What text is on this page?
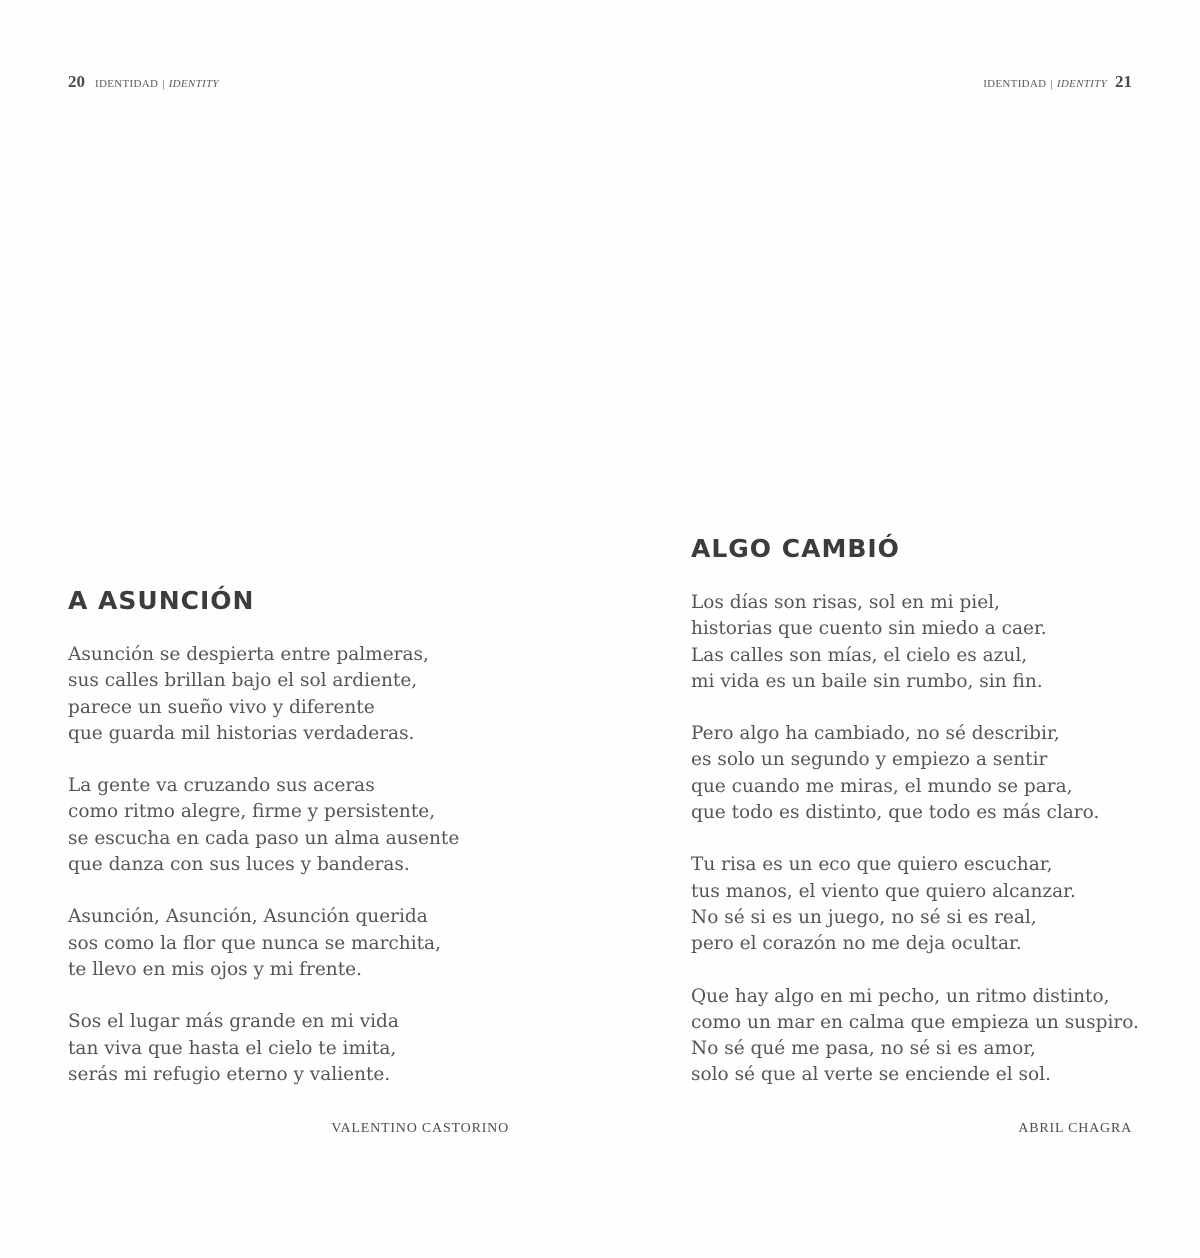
20 IDENTIDAD | IDENTITY
A ASUNCIÓN
Asunción se despierta entre palmeras,
sus calles brillan bajo el sol ardiente,
parece un sueño vivo y diferente
que guarda mil historias verdaderas.
La gente va cruzando sus aceras
como ritmo alegre, firme y persistente,
se escucha en cada paso un alma ausente
que danza con sus luces y banderas.
Asunción, Asunción, Asunción querida
sos como la flor que nunca se marchita,
te llevo en mis ojos y mi frente.
Sos el lugar más grande en mi vida
tan viva que hasta el cielo te imita,
serás mi refugio eterno y valiente.
VALENTINO CASTORINO
IDENTIDAD | IDENTITY 21
ALGO CAMBIÓ
Los días son risas, sol en mi piel,
historias que cuento sin miedo a caer.
Las calles son mías, el cielo es azul,
mi vida es un baile sin rumbo, sin fin.
Pero algo ha cambiado, no sé describir,
es solo un segundo y empiezo a sentir
que cuando me miras, el mundo se para,
que todo es distinto, que todo es más claro.
Tu risa es un eco que quiero escuchar,
tus manos, el viento que quiero alcanzar.
No sé si es un juego, no sé si es real,
pero el corazón no me deja ocultar.
Que hay algo en mi pecho, un ritmo distinto,
como un mar en calma que empieza un suspiro.
No sé qué me pasa, no sé si es amor,
solo sé que al verte se enciende el sol.
ABRIL CHAGRA
